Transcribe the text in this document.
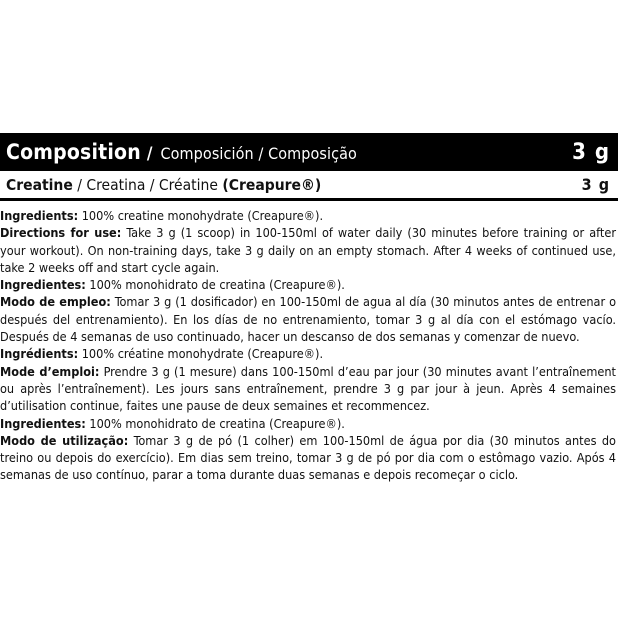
Composition / Composición / Composição	3 g
Creatine / Creatina / Créatine (Creapure®)	3 g

Ingredients: 100% creatine monohydrate (Creapure®).

Directions for use: Take 3 g (1 scoop) in 100-150ml of water daily (30 minutes before training or after your workout). On non-training days, take 3 g daily on an empty stomach. After 4 weeks of continued use, take 2 weeks off and start cycle again.

Ingredientes: 100% monohidrato de creatina (Creapure®).

Modo de empleo: Tomar 3 g (1 dosificador) en 100-150ml de agua al día (30 minutos antes de entrenar o después del entrenamiento). En los días de no entrenamiento, tomar 3 g al día con el estómago vacío. Después de 4 semanas de uso continuado, hacer un descanso de dos semanas y comenzar de nuevo.

Ingrédients: 100% créatine monohydrate (Creapure®).

Mode d’emploi: Prendre 3 g (1 mesure) dans 100-150ml d’eau par jour (30 minutes avant l’entraînement ou après l’entraînement). Les jours sans entraînement, prendre 3 g par jour à jeun. Après 4 semaines d’utilisation continue, faites une pause de deux semaines et recommencez.

Ingredientes: 100% monohidrato de creatina (Creapure®).

Modo de utilização: Tomar 3 g de pó (1 colher) em 100-150ml de água por dia (30 minutos antes do treino ou depois do exercício). Em dias sem treino, tomar 3 g de pó por dia com o estômago vazio. Após 4 semanas de uso contínuo, parar a toma durante duas semanas e depois recomeçar o ciclo.
